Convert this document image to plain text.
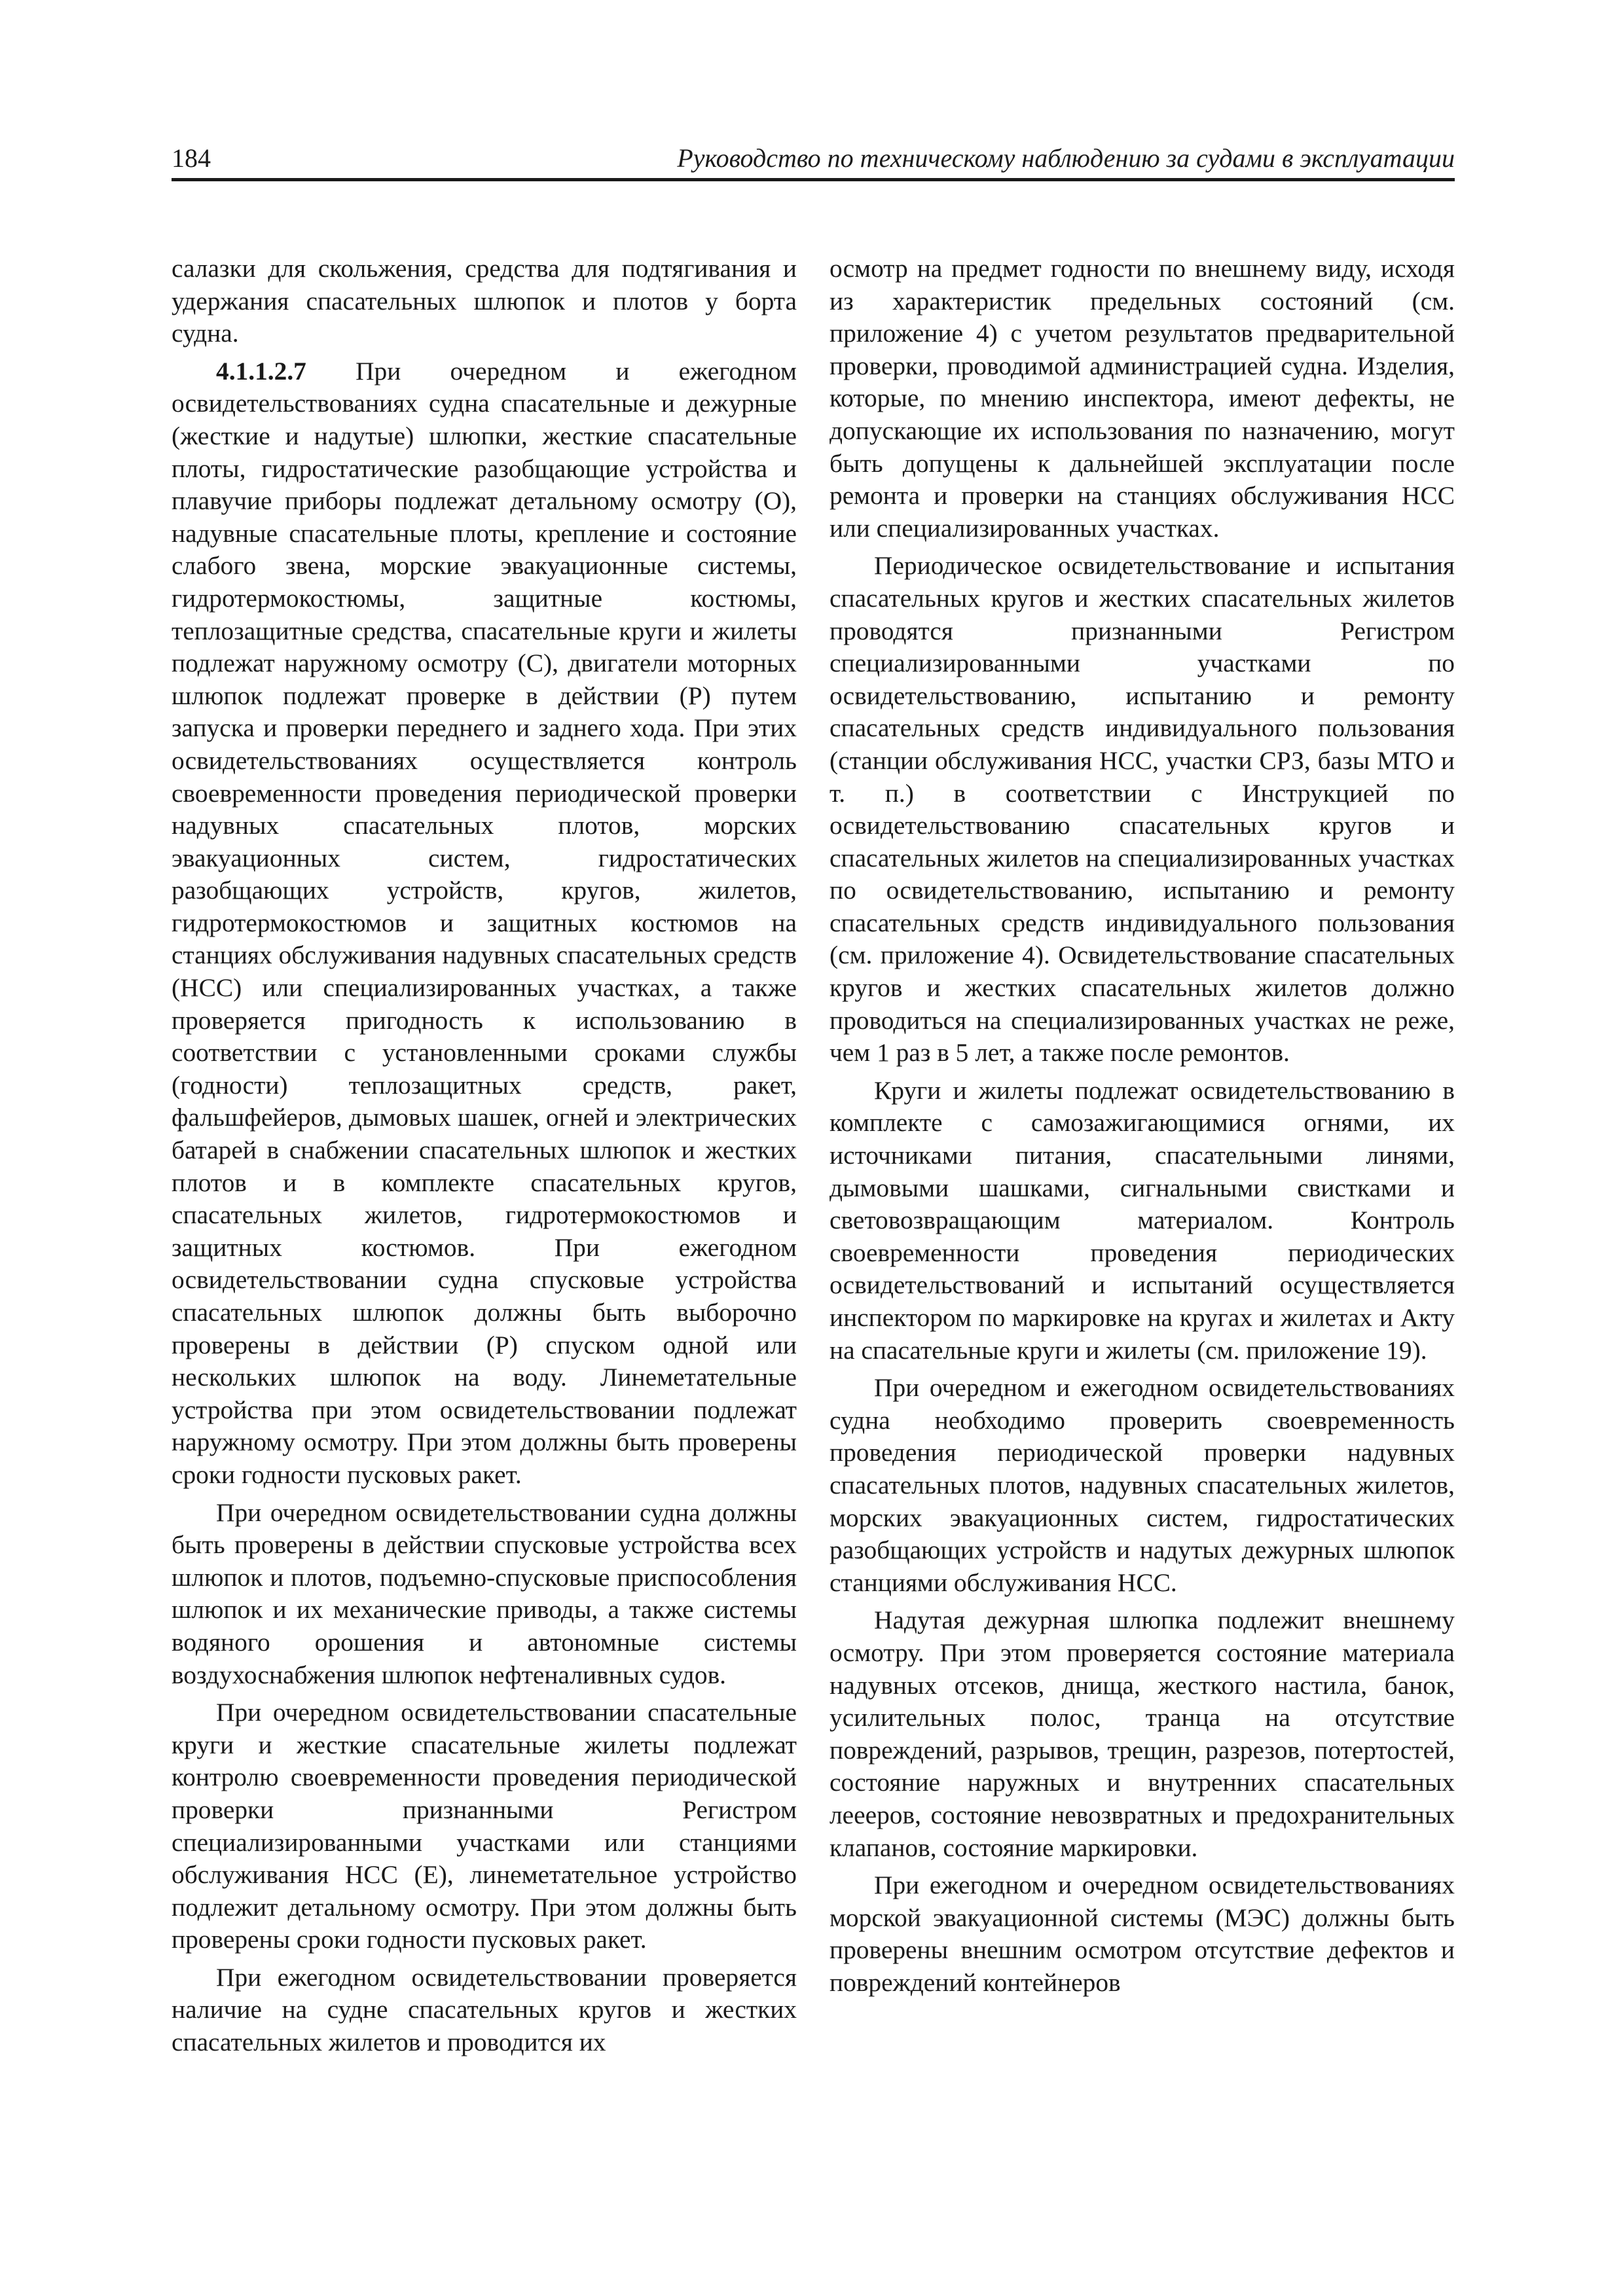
184	Руководство по техническому наблюдению за судами в эксплуатации

салазки для скольжения, средства для подтягивания и удержания спасательных шлюпок и плотов у борта судна.

4.1.1.2.7 При очередном и ежегодном освидетельствованиях судна спасательные и дежурные (жесткие и надутые) шлюпки, жесткие спасательные плоты, гидростатические разобщающие устройства и плавучие приборы подлежат детальному осмотру (О), надувные спасательные плоты, крепление и состояние слабого звена, морские эвакуационные системы, гидротермокостюмы, защитные костюмы, теплозащитные средства, спасательные круги и жилеты подлежат наружному осмотру (С), двигатели моторных шлюпок подлежат проверке в действии (Р) путем запуска и проверки переднего и заднего хода. При этих освидетельствованиях осуществляется контроль своевременности проведения периодической проверки надувных спасательных плотов, морских эвакуационных систем, гидростатических разобщающих устройств, кругов, жилетов, гидротермокостюмов и защитных костюмов на станциях обслуживания надувных спасательных средств (НСС) или специализированных участках, а также проверяется пригодность к использованию в соответствии с установленными сроками службы (годности) теплозащитных средств, ракет, фальшфейеров, дымовых шашек, огней и электрических батарей в снабжении спасательных шлюпок и жестких плотов и в комплекте спасательных кругов, спасательных жилетов, гидротермокостюмов и защитных костюмов. При ежегодном освидетельствовании судна спусковые устройства спасательных шлюпок должны быть выборочно проверены в действии (Р) спуском одной или нескольких шлюпок на воду. Линеметательные устройства при этом освидетельствовании подлежат наружному осмотру. При этом должны быть проверены сроки годности пусковых ракет.

При очередном освидетельствовании судна должны быть проверены в действии спусковые устройства всех шлюпок и плотов, подъемно-спусковые приспособления шлюпок и их механические приводы, а также системы водяного орошения и автономные системы воздухоснабжения шлюпок нефтеналивных судов.

При очередном освидетельствовании спасательные круги и жесткие спасательные жилеты подлежат контролю своевременности проведения периодической проверки признанными Регистром специализированными участками или станциями обслуживания НСС (Е), линеметательное устройство подлежит детальному осмотру. При этом должны быть проверены сроки годности пусковых ракет.

При ежегодном освидетельствовании проверяется наличие на судне спасательных кругов и жестких спасательных жилетов и проводится их

осмотр на предмет годности по внешнему виду, исходя из характеристик предельных состояний (см. приложение 4) с учетом результатов предварительной проверки, проводимой администрацией судна. Изделия, которые, по мнению инспектора, имеют дефекты, не допускающие их использования по назначению, могут быть допущены к дальнейшей эксплуатации после ремонта и проверки на станциях обслуживания НСС или специализированных участках.

Периодическое освидетельствование и испытания спасательных кругов и жестких спасательных жилетов проводятся признанными Регистром специализированными участками по освидетельствованию, испытанию и ремонту спасательных средств индивидуального пользования (станции обслуживания НСС, участки СРЗ, базы МТО и т. п.) в соответствии с Инструкцией по освидетельствованию спасательных кругов и спасательных жилетов на специализированных участках по освидетельствованию, испытанию и ремонту спасательных средств индивидуального пользования (см. приложение 4). Освидетельствование спасательных кругов и жестких спасательных жилетов должно проводиться на специализированных участках не реже, чем 1 раз в 5 лет, а также после ремонтов.

Круги и жилеты подлежат освидетельствованию в комплекте с самозажигающимися огнями, их источниками питания, спасательными линями, дымовыми шашками, сигнальными свистками и световозвращающим материалом. Контроль своевременности проведения периодических освидетельствований и испытаний осуществляется инспектором по маркировке на кругах и жилетах и Акту на спасательные круги и жилеты (см. приложение 19).

При очередном и ежегодном освидетельствованиях судна необходимо проверить своевременность проведения периодической проверки надувных спасательных плотов, надувных спасательных жилетов, морских эвакуационных систем, гидростатических разобщающих устройств и надутых дежурных шлюпок станциями обслуживания НСС.

Надутая дежурная шлюпка подлежит внешнему осмотру. При этом проверяется состояние материала надувных отсеков, днища, жесткого настила, банок, усилительных полос, транца на отсутствие повреждений, разрывов, трещин, разрезов, потертостей, состояние наружных и внутренних спасательных леееров, состояние невозвратных и предохранительных клапанов, состояние маркировки.

При ежегодном и очередном освидетельствованиях морской эвакуационной системы (МЭС) должны быть проверены внешним осмотром отсутствие дефектов и повреждений контейнеров
